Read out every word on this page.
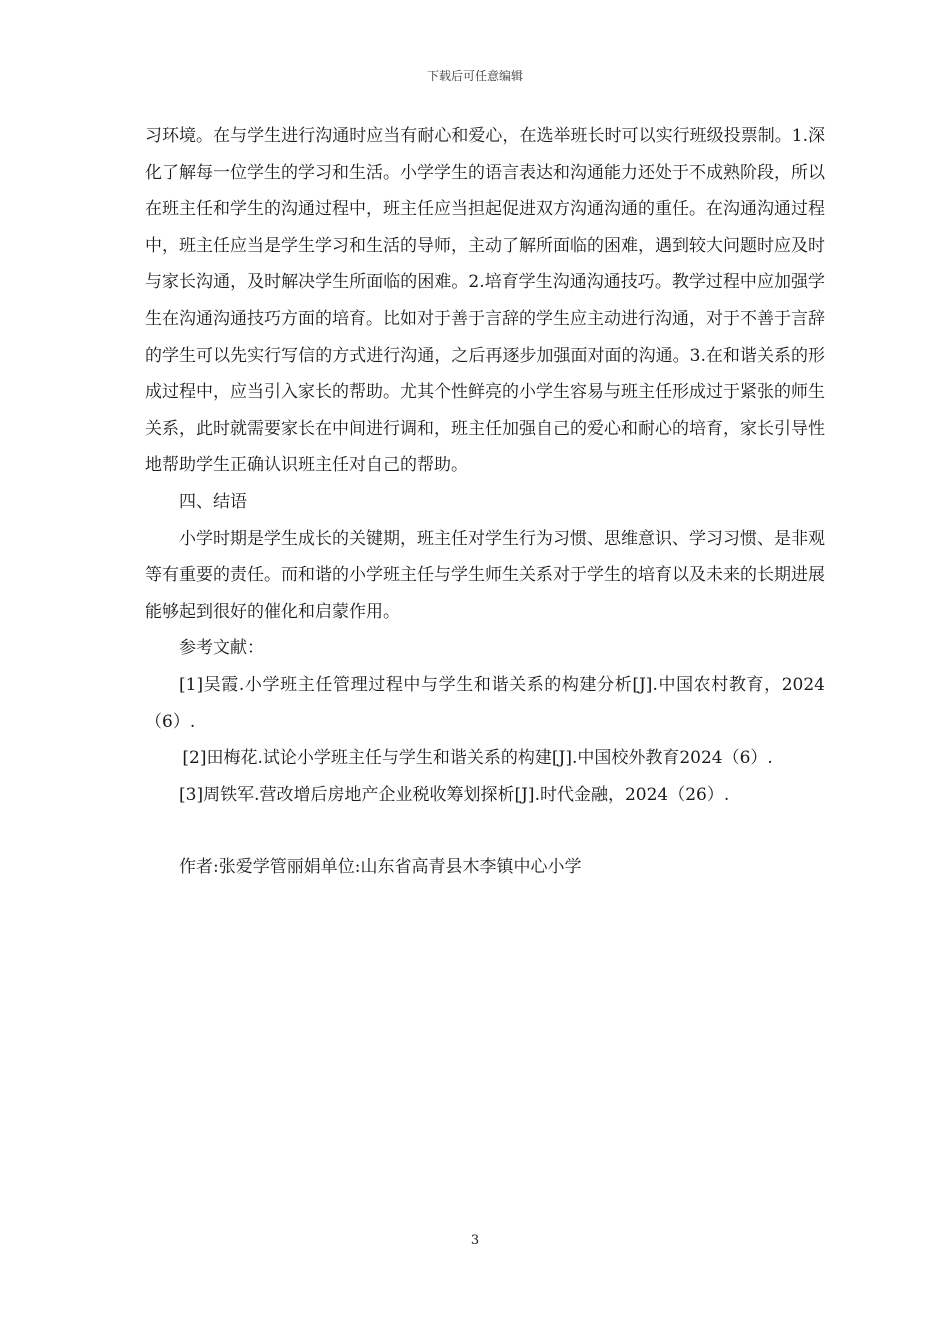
下载后可任意编辑

习环境。在与学生进行沟通时应当有耐心和爱心，在选举班长时可以实行班级投票制。1.深化了解每一位学生的学习和生活。小学学生的语言表达和沟通能力还处于不成熟阶段，所以在班主任和学生的沟通过程中，班主任应当担起促进双方沟通沟通的重任。在沟通沟通过程中，班主任应当是学生学习和生活的导师，主动了解所面临的困难，遇到较大问题时应及时与家长沟通，及时解决学生所面临的困难。2.培育学生沟通沟通技巧。教学过程中应加强学生在沟通沟通技巧方面的培育。比如对于善于言辞的学生应主动进行沟通，对于不善于言辞的学生可以先实行写信的方式进行沟通，之后再逐步加强面对面的沟通。3.在和谐关系的形成过程中，应当引入家长的帮助。尤其个性鲜亮的小学生容易与班主任形成过于紧张的师生关系，此时就需要家长在中间进行调和，班主任加强自己的爱心和耐心的培育，家长引导性地帮助学生正确认识班主任对自己的帮助。

四、结语

小学时期是学生成长的关键期，班主任对学生行为习惯、思维意识、学习习惯、是非观等有重要的责任。而和谐的小学班主任与学生师生关系对于学生的培育以及未来的长期进展能够起到很好的催化和启蒙作用。

参考文献：

[1]吴霞.小学班主任管理过程中与学生和谐关系的构建分析[J].中国农村教育，2024（6）.

[2]田梅花.试论小学班主任与学生和谐关系的构建[J].中国校外教育2024（6）.

[3]周铁军.营改增后房地产企业税收筹划探析[J].时代金融，2024（26）.

作者:张爱学管丽娟单位:山东省高青县木李镇中心小学

3
